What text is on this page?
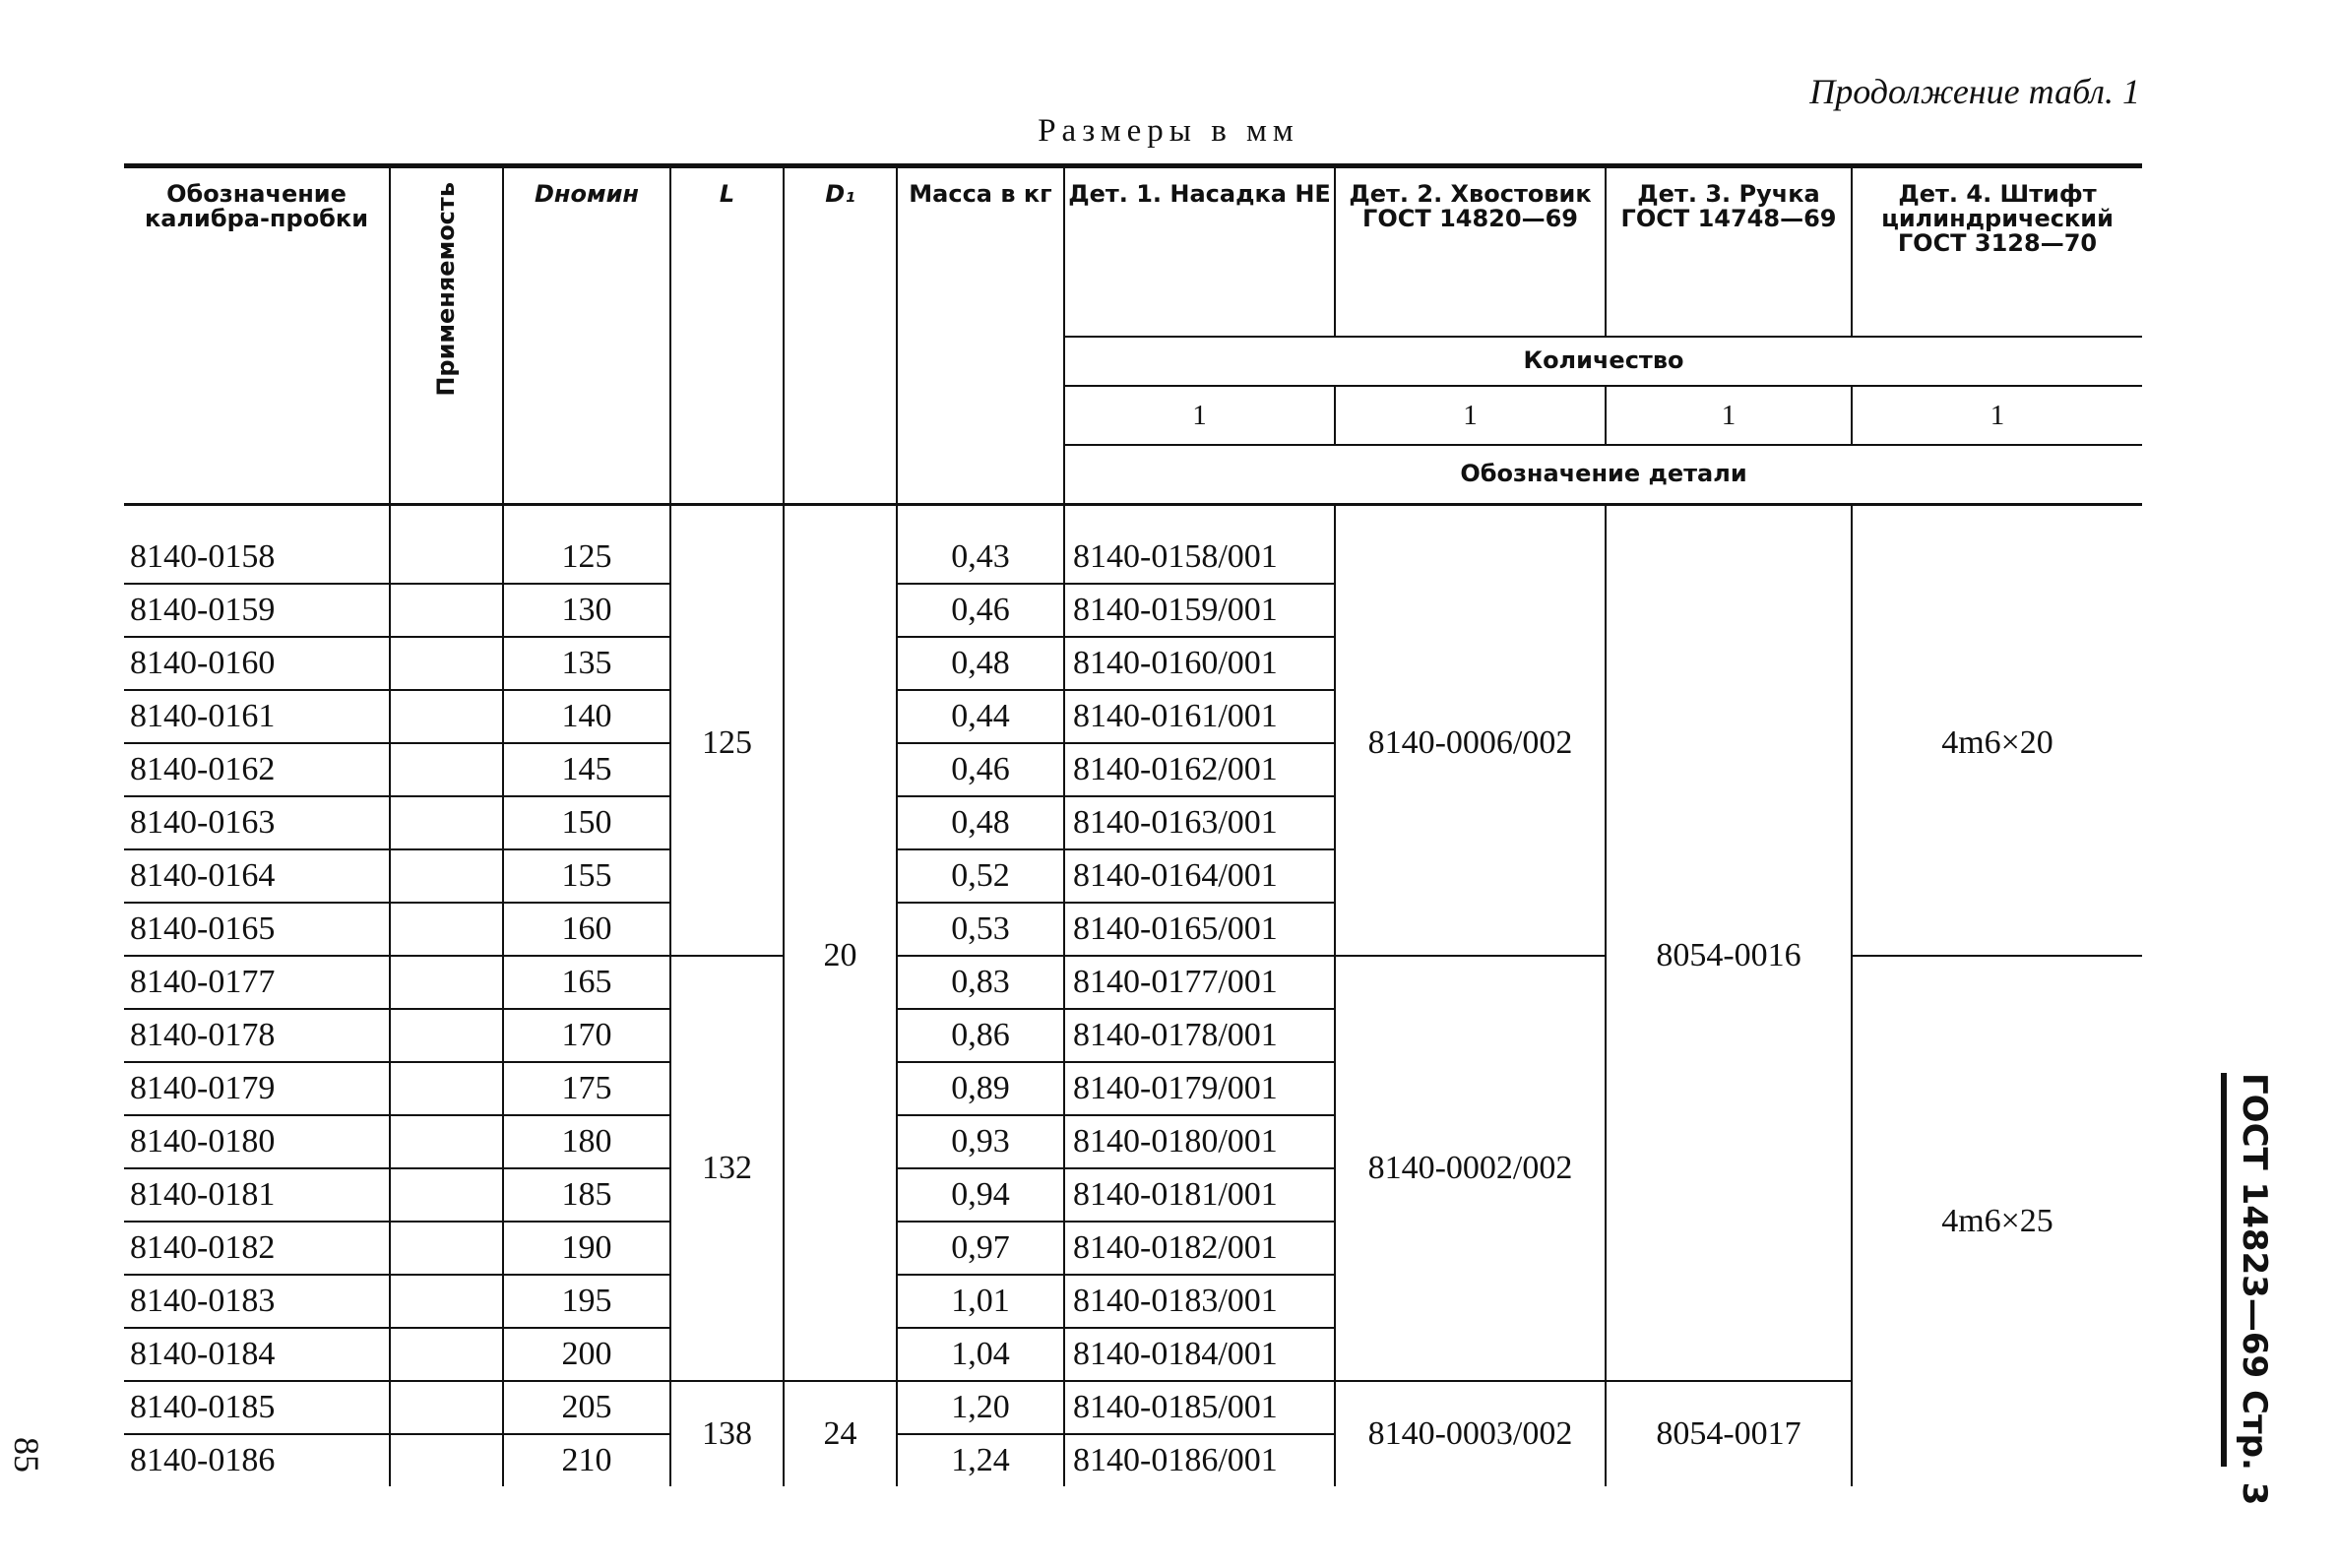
Продолжение табл. 1
Размеры в мм
Обозначение калибра-пробки	Применяемость	Dномин	L	D₁	Масса в кг	Дет. 1. Насадка НЕ	Дет. 2. Хвостовик ГОСТ 14820—69	Дет. 3. Ручка ГОСТ 14748—69	Дет. 4. Штифт цилиндрический ГОСТ 3128—70
						Количество			
						1	1	1	1
						Обозначение детали			

8140-0158		125	125	20	0,43	8140-0158/001	8140-0006/002	8054-0016	4m6×20
8140-0159		130			0,46	8140-0159/001			
8140-0160		135			0,48	8140-0160/001			
8140-0161		140			0,44	8140-0161/001			
8140-0162		145			0,46	8140-0162/001			
8140-0163		150			0,48	8140-0163/001			
8140-0164		155			0,52	8140-0164/001			
8140-0165		160			0,53	8140-0165/001			
8140-0177		165	132		0,83	8140-0177/001	8140-0002/002		4m6×25
8140-0178		170			0,86	8140-0178/001			
8140-0179		175			0,89	8140-0179/001			
8140-0180		180			0,93	8140-0180/001			
8140-0181		185			0,94	8140-0181/001			
8140-0182		190			0,97	8140-0182/001			
8140-0183		195			1,01	8140-0183/001			
8140-0184		200			1,04	8140-0184/001			
8140-0185		205	138	24	1,20	8140-0185/001	8140-0003/002	8054-0017	
8140-0186		210			1,24	8140-0186/001			
85	ГОСТ 14823—69 Стр. 3
